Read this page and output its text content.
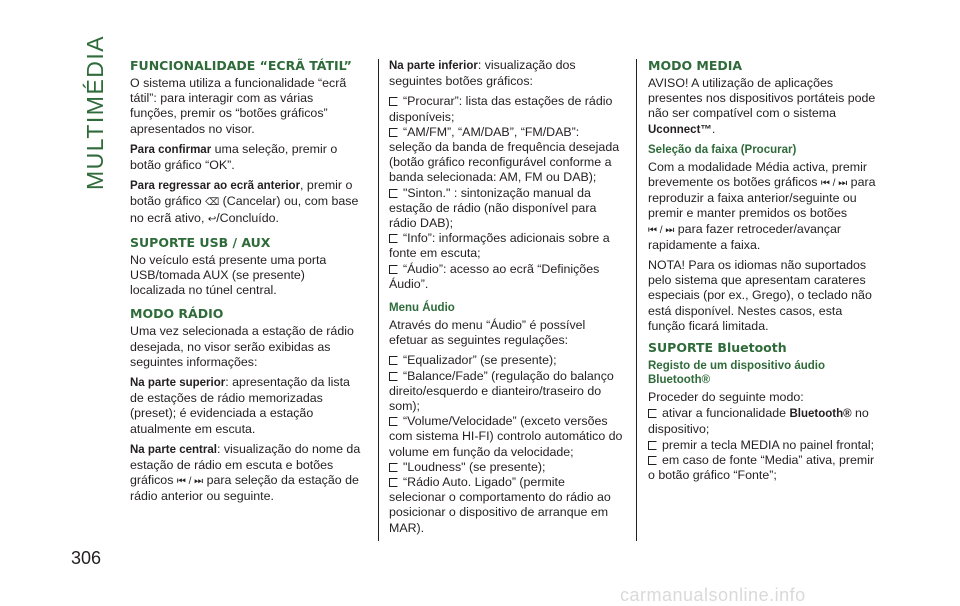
MULTIMÉDIA FUNCIONALIDADE “ECRÃ TÁTIL”

O sistema utiliza a funcionalidade “ecrã tátil”: para interagir com as várias funções, premir os “botões gráficos” apresentados no visor.

Para confirmar uma seleção, premir o botão gráfico “OK”.

Para regressar ao ecrã anterior, premir o botão gráfico ⌫ (Cancelar) ou, com base no ecrã ativo, ↩/Concluído.

SUPORTE USB / AUX

No veículo está presente uma porta USB/tomada AUX (se presente) localizada no túnel central.

MODO RÁDIO

Uma vez selecionada a estação de rádio desejada, no visor serão exibidas as seguintes informações:

Na parte superior: apresentação da lista de estações de rádio memorizadas (preset); é evidenciada a estação atualmente em escuta.

Na parte central: visualização do nome da estação de rádio em escuta e botões
gráficos ⏮ / ⏭ para seleção da estação de rádio anterior ou seguinte.

Na parte inferior: visualização dos seguintes botões gráficos:

“Procurar”: lista das estações de rádio disponíveis;
“AM/FM”, “AM/DAB”, “FM/DAB”: seleção da banda de frequência desejada (botão gráfico reconfigurável conforme a banda selecionada: AM, FM ou DAB);
"Sinton." : sintonização manual da estação de rádio (não disponível para rádio DAB);
“Info”: informações adicionais sobre a fonte em escuta;
“Áudio”: acesso ao ecrã “Definições Áudio”.
Menu Áudio

Através do menu “Áudio” é possível efetuar as seguintes regulações:

“Equalizador” (se presente);
“Balance/Fade” (regulação do balanço direito/esquerdo e dianteiro/traseiro do som);
“Volume/Velocidade” (exceto versões com sistema HI-FI) controlo automático do volume em função da velocidade;
"Loudness" (se presente);
“Rádio Auto. Ligado” (permite selecionar o comportamento do rádio ao posicionar o dispositivo de arranque em MAR).
MODO MEDIA

AVISO! A utilização de aplicações presentes nos dispositivos portáteis pode não ser compatível com o sistema Uconnect™.

Seleção da faixa (Procurar)

Com a modalidade Média activa, premir brevemente os botões gráficos ⏮ / ⏭ para reproduzir a faixa anterior/seguinte ou premir e manter premidos os botões
⏮ / ⏭ para fazer retroceder/avançar rapidamente a faixa.

NOTA! Para os idiomas não suportados pelo sistema que apresentam carateres especiais (por ex., Grego), o teclado não está disponível. Nestes casos, esta função ficará limitada.

SUPORTE Bluetooth
Registo de um dispositivo áudio Bluetooth®

Proceder do seguinte modo:

ativar a funcionalidade Bluetooth® no dispositivo;
premir a tecla MEDIA no painel frontal;
em caso de fonte “Media” ativa, premir o botão gráfico “Fonte”;
306
carmanualsonline.info
